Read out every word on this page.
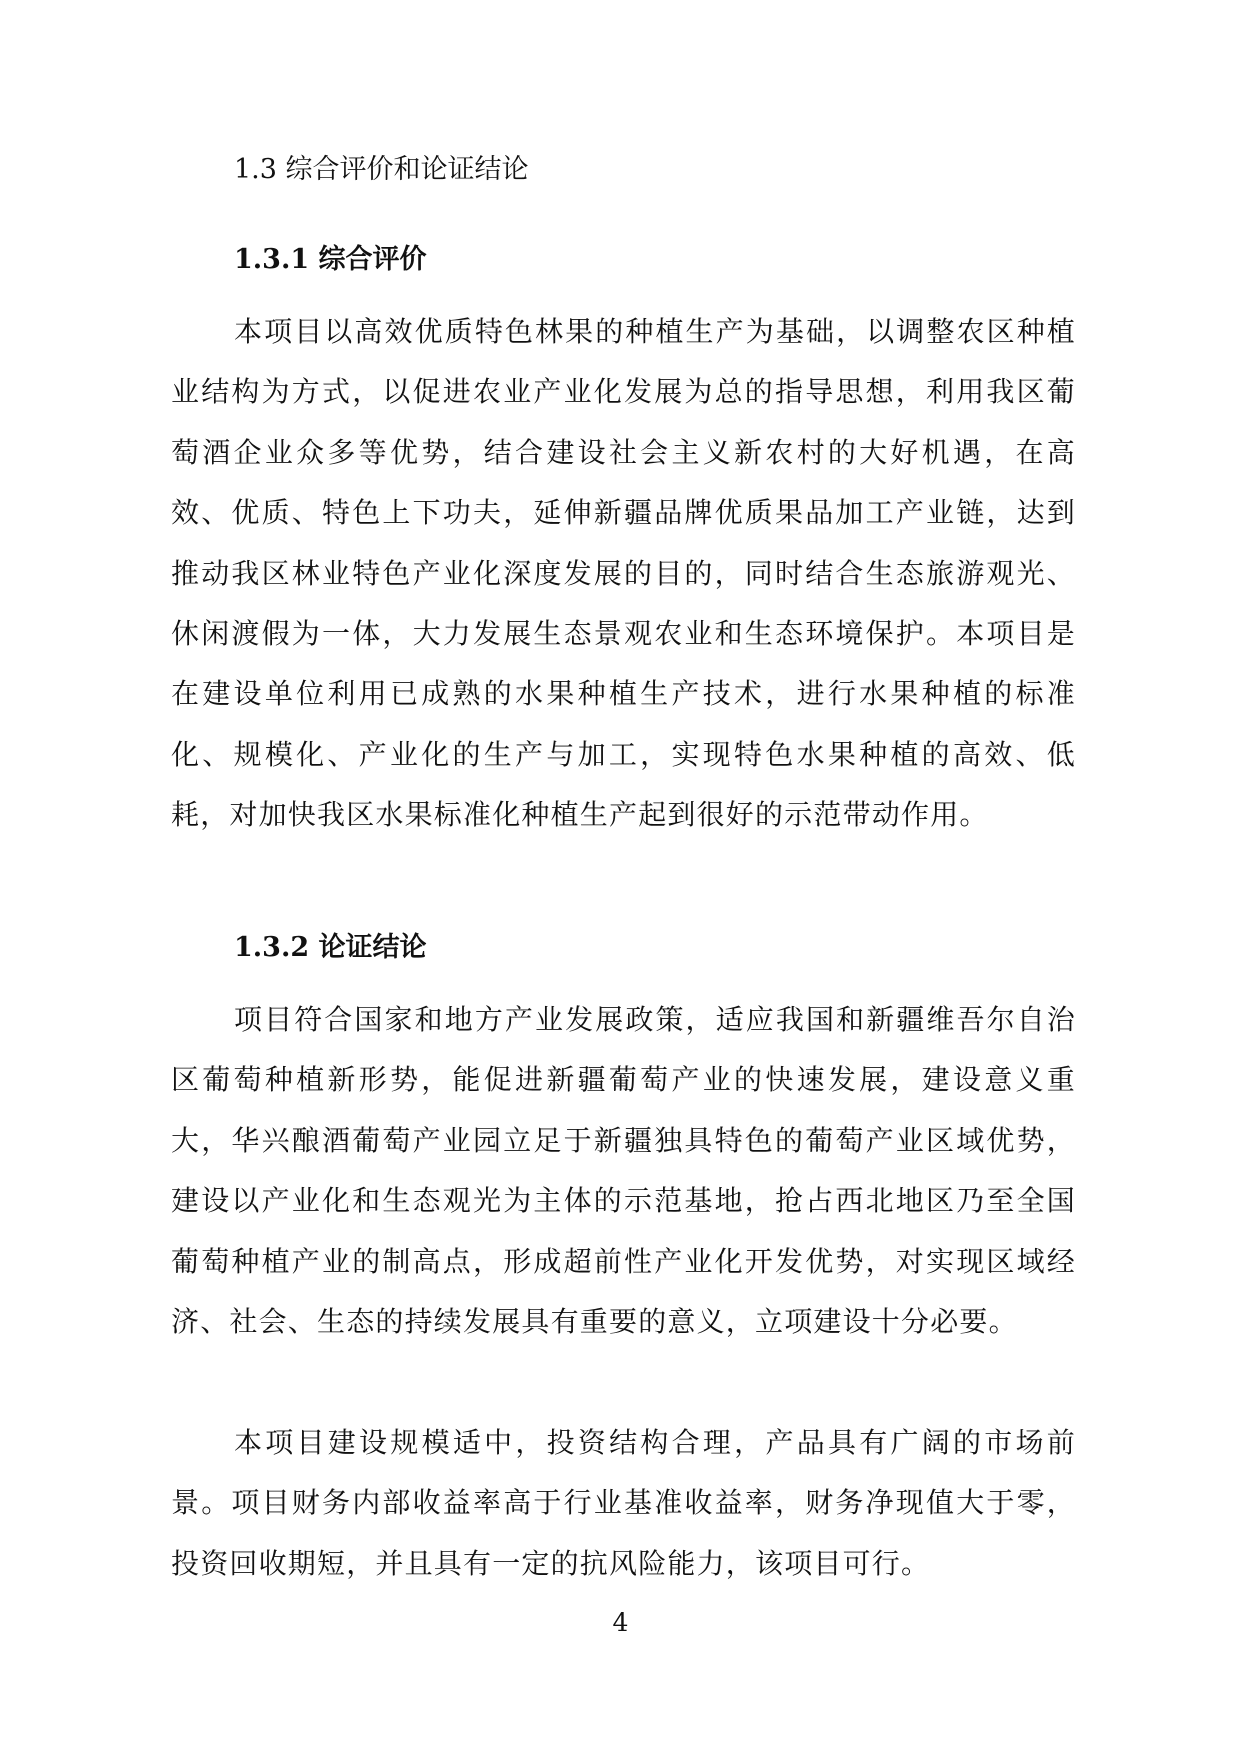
1.3 综合评价和论证结论
1.3.1 综合评价

本项目以高效优质特色林果的种植生产为基础，以调整农区种植业结构为方式，以促进农业产业化发展为总的指导思想，利用我区葡萄酒企业众多等优势，结合建设社会主义新农村的大好机遇，在高效、优质、特色上下功夫，延伸新疆品牌优质果品加工产业链，达到推动我区林业特色产业化深度发展的目的，同时结合生态旅游观光、休闲渡假为一体，大力发展生态景观农业和生态环境保护。本项目是在建设单位利用已成熟的水果种植生产技术，进行水果种植的标准化、规模化、产业化的生产与加工，实现特色水果种植的高效、低耗，对加快我区水果标准化种植生产起到很好的示范带动作用。

1.3.2 论证结论

项目符合国家和地方产业发展政策，适应我国和新疆维吾尔自治区葡萄种植新形势，能促进新疆葡萄产业的快速发展，建设意义重大，华兴酿酒葡萄产业园立足于新疆独具特色的葡萄产业区域优势，建设以产业化和生态观光为主体的示范基地，抢占西北地区乃至全国葡萄种植产业的制高点，形成超前性产业化开发优势，对实现区域经济、社会、生态的持续发展具有重要的意义，立项建设十分必要。

本项目建设规模适中，投资结构合理，产品具有广阔的市场前景。项目财务内部收益率高于行业基准收益率，财务净现值大于零，投资回收期短，并且具有一定的抗风险能力，该项目可行。

4
